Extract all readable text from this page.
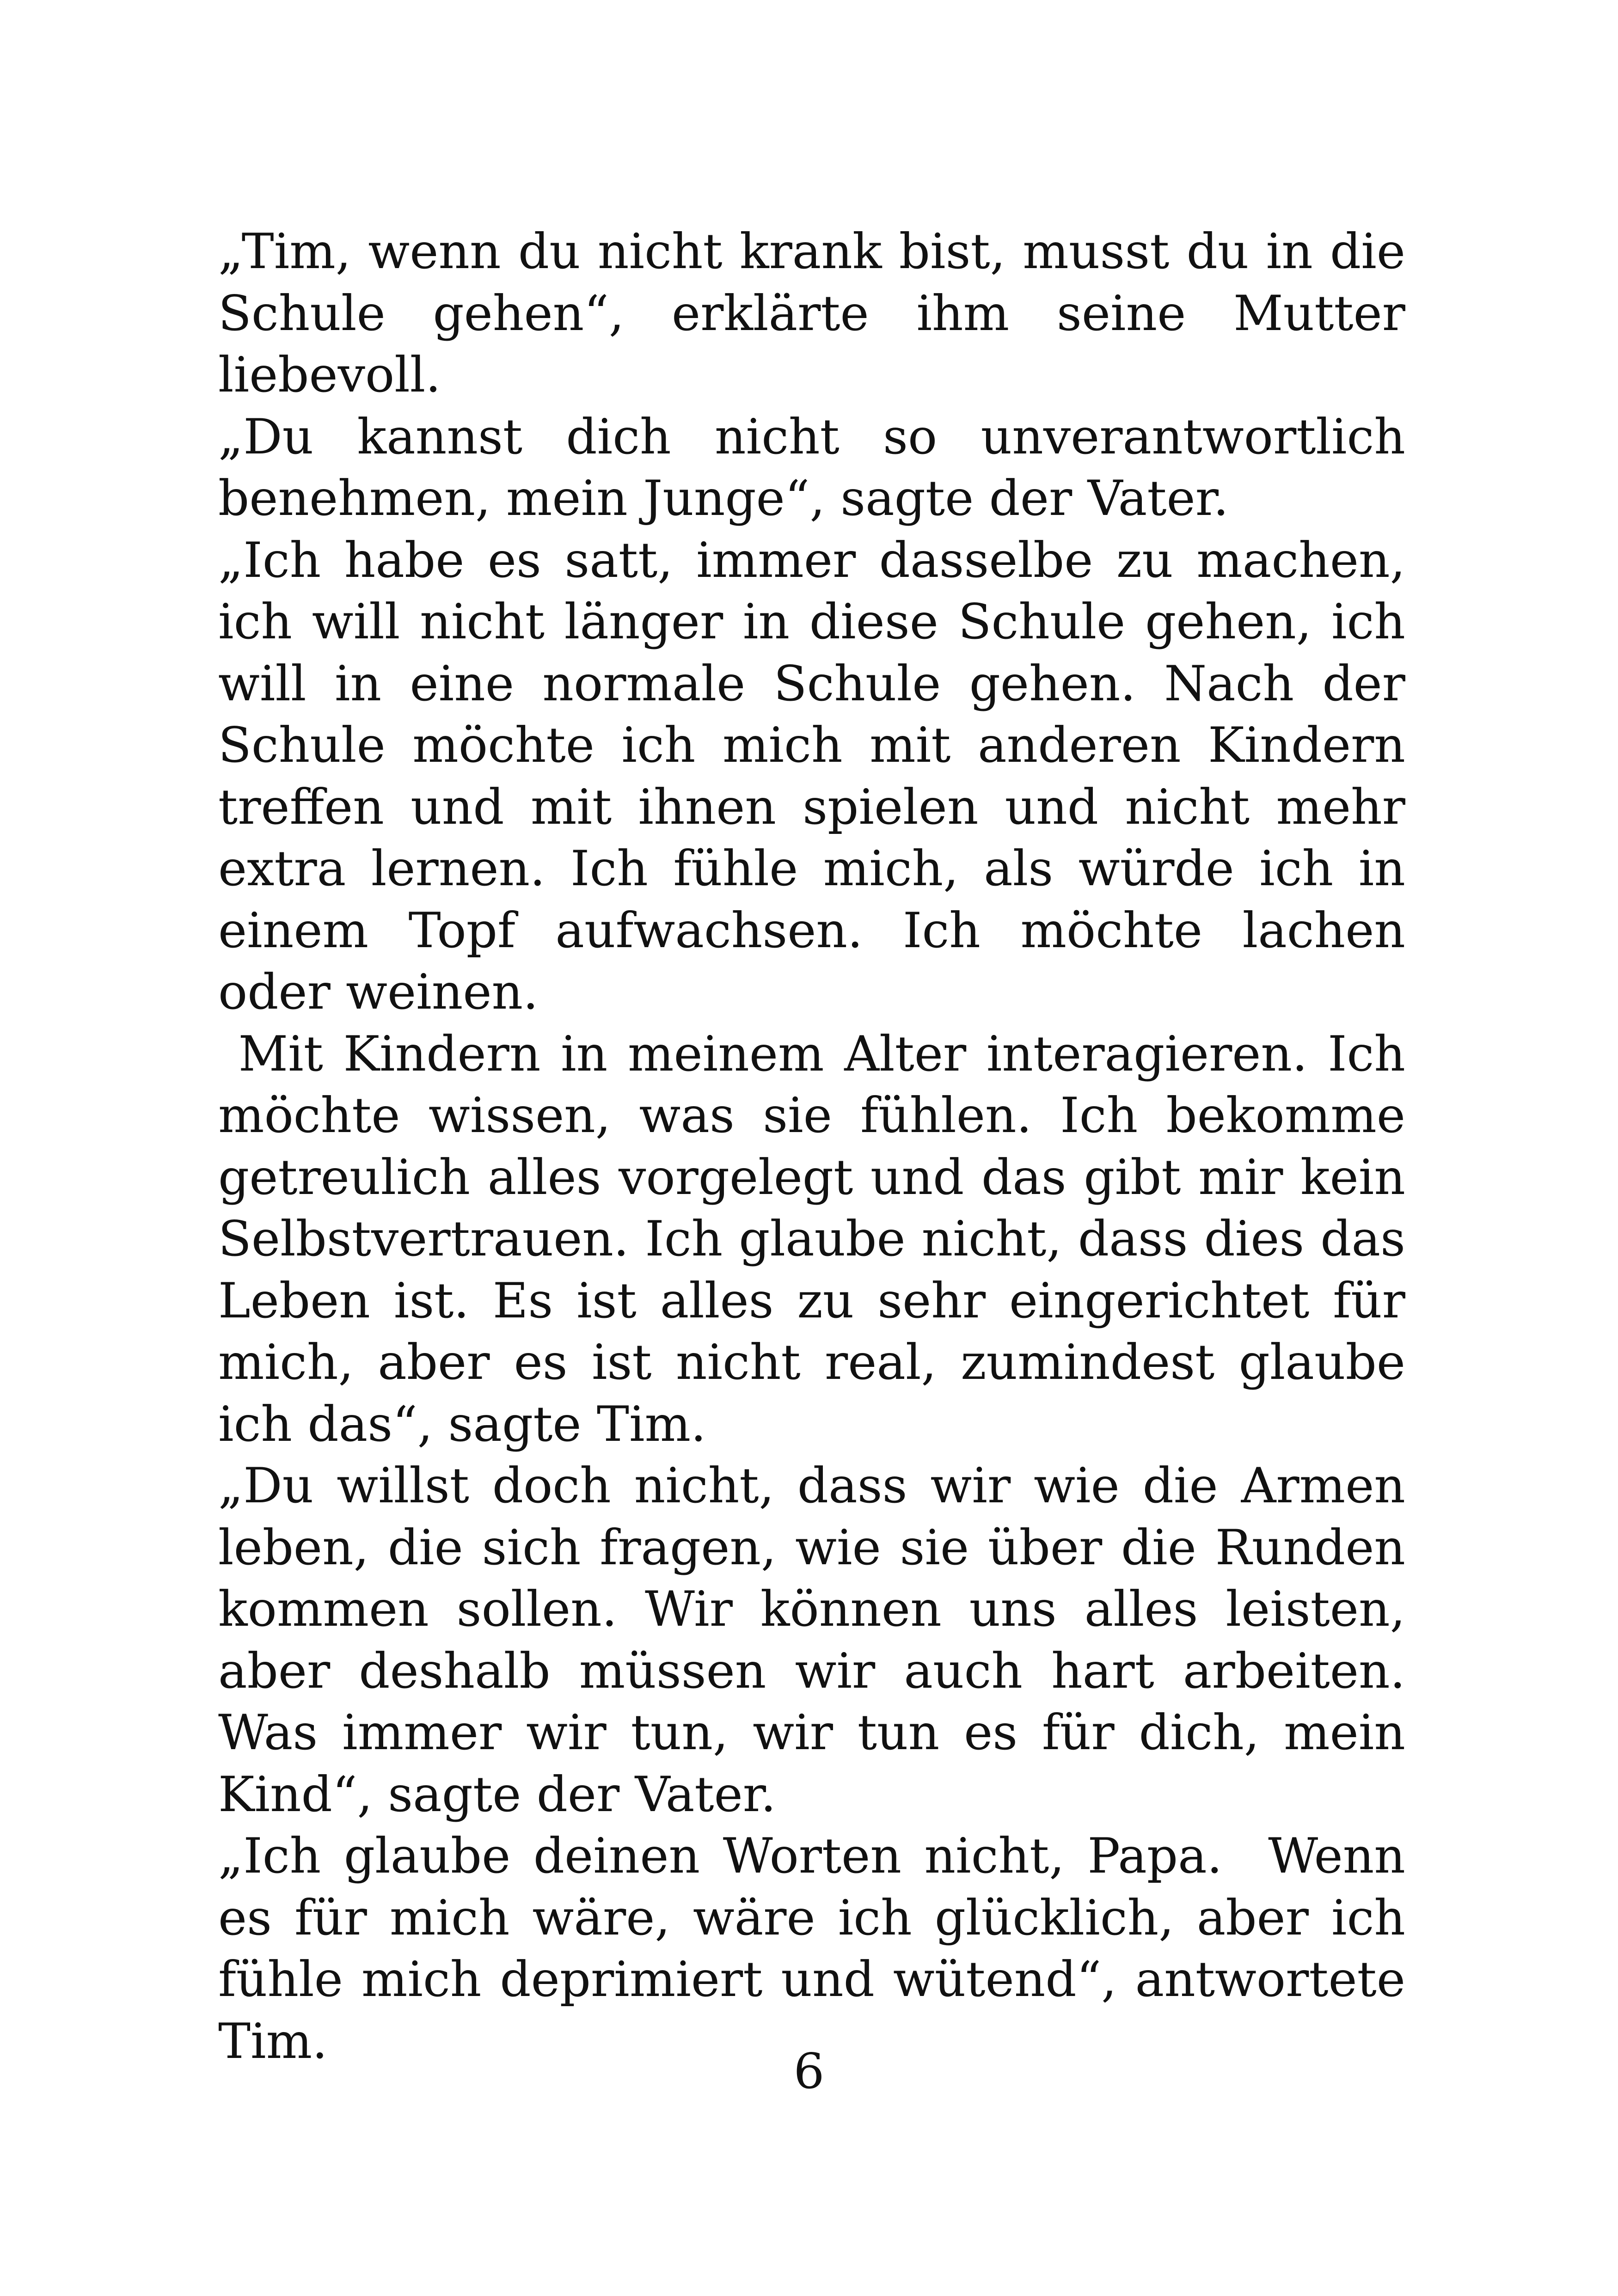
„Tim, wenn du nicht krank bist, musst du in die Schule gehen“, erklärte ihm seine Mutter liebevoll.

„Du kannst dich nicht so unverantwortlich benehmen, mein Junge“, sagte der Vater.

„Ich habe es satt, immer dasselbe zu machen, ich will nicht länger in diese Schule gehen, ich will in eine normale Schule gehen. Nach der Schule möchte ich mich mit anderen Kindern treffen und mit ihnen spielen und nicht mehr extra lernen. Ich fühle mich, als würde ich in einem Topf aufwachsen. Ich möchte lachen oder weinen.

Mit Kindern in meinem Alter interagieren. Ich möchte wissen, was sie fühlen. Ich bekomme getreulich alles vorgelegt und das gibt mir kein Selbstvertrauen. Ich glaube nicht, dass dies das Leben ist. Es ist alles zu sehr eingerichtet für mich, aber es ist nicht real, zumindest glaube ich das“, sagte Tim.

„Du willst doch nicht, dass wir wie die Armen leben, die sich fragen, wie sie über die Runden kommen sollen. Wir können uns alles leisten, aber deshalb müssen wir auch hart arbeiten. Was immer wir tun, wir tun es für dich, mein Kind“, sagte der Vater.

„Ich glaube deinen Worten nicht, Papa.  Wenn es für mich wäre, wäre ich glücklich, aber ich fühle mich deprimiert und wütend“, antwortete Tim.

6
